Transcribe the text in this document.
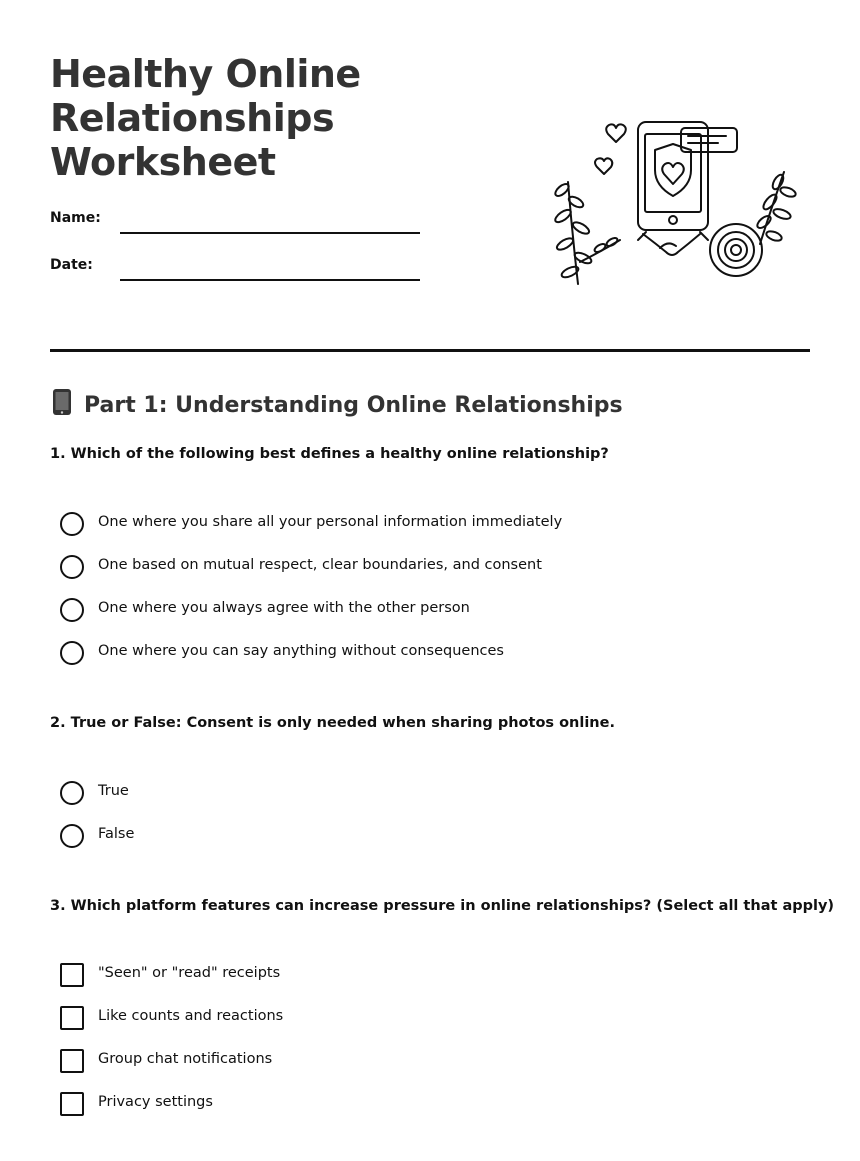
Healthy Online
Relationships
Worksheet
Name:
Date:
Part 1: Understanding Online Relationships
1. Which of the following best defines a healthy online relationship?
One where you share all your personal information immediately
One based on mutual respect, clear boundaries, and consent
One where you always agree with the other person
One where you can say anything without consequences
2. True or False: Consent is only needed when sharing photos online.
True
False
3. Which platform features can increase pressure in online relationships? (Select all that apply)
"Seen" or "read" receipts
Like counts and reactions
Group chat notifications
Privacy settings
